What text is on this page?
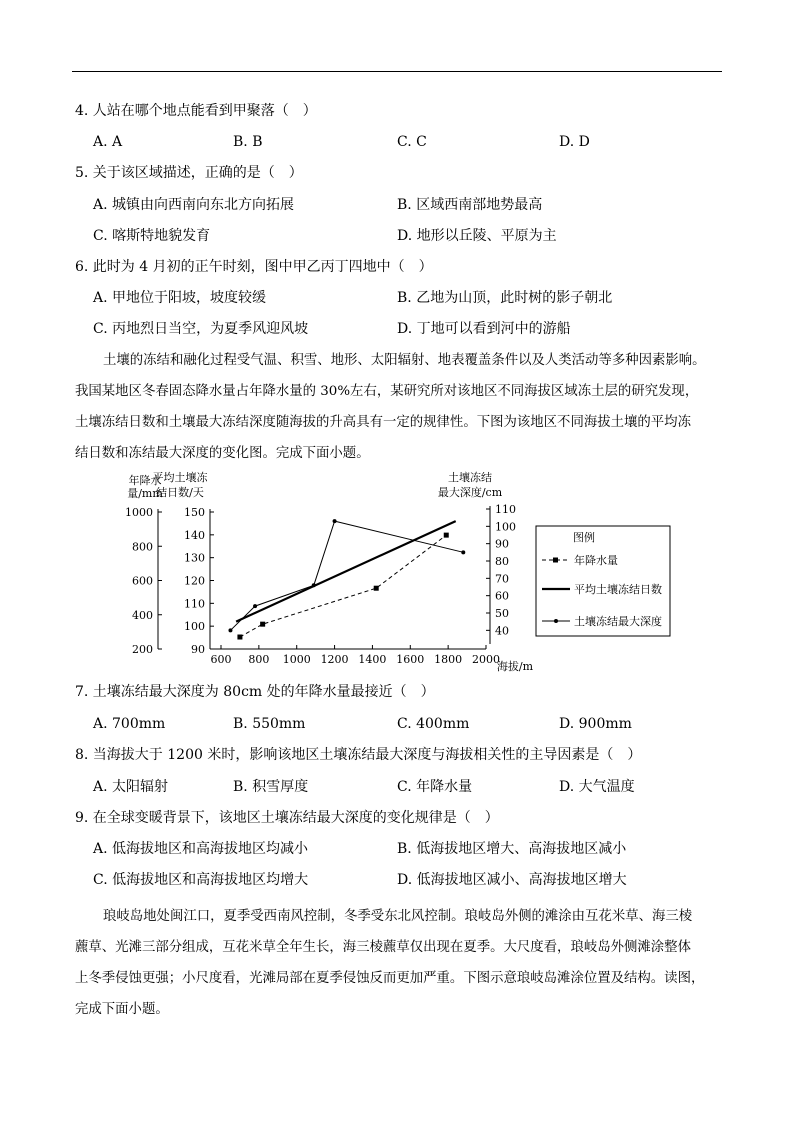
4. 人站在哪个地点能看到甲聚落（　）
A. A	B. B	C. C	D. D
5. 关于该区域描述，正确的是（　）
A. 城镇由向西南向东北方向拓展	B. 区域西南部地势最高
C. 喀斯特地貌发育	D. 地形以丘陵、平原为主
6. 此时为 4 月初的正午时刻，图中甲乙丙丁四地中（　）
A. 甲地位于阳坡，坡度较缓	B. 乙地为山顶，此时树的影子朝北
C. 丙地烈日当空，为夏季风迎风坡	D. 丁地可以看到河中的游船
土壤的冻结和融化过程受气温、积雪、地形、太阳辐射、地表覆盖条件以及人类活动等多种因素影响。
我国某地区冬春固态降水量占年降水量的 30%左右，某研究所对该地区不同海拔区域冻土层的研究发现，
土壤冻结日数和土壤最大冻结深度随海拔的升高具有一定的规律性。下图为该地区不同海拔土壤的平均冻
结日数和冻结最大深度的变化图。完成下面小题。
1000
800
600
400
200
年降水
量/mm
150
140
130
120
110
100
90
平均土壤冻
结日数/天
110
100
90
80
70
60
50
40
土壤冻结
最大深度/cm
600 800 1000 1200 1400 1600 1800 2000
海拔/m
图例
年降水量
平均土壤冻结日数
土壤冻结最大深度
7. 土壤冻结最大深度为 80cm 处的年降水量最接近（　）
A. 700mm	B. 550mm	C. 400mm	D. 900mm
8. 当海拔大于 1200 米时，影响该地区土壤冻结最大深度与海拔相关性的主导因素是（　）
A. 太阳辐射	B. 积雪厚度	C. 年降水量	D. 大气温度
9. 在全球变暖背景下，该地区土壤冻结最大深度的变化规律是（　）
A. 低海拔地区和高海拔地区均减小	B. 低海拔地区增大、高海拔地区减小
C. 低海拔地区和高海拔地区均增大	D. 低海拔地区减小、高海拔地区增大
琅岐岛地处闽江口，夏季受西南风控制，冬季受东北风控制。琅岐岛外侧的滩涂由互花米草、海三棱
藨草、光滩三部分组成，互花米草全年生长，海三棱藨草仅出现在夏季。大尺度看，琅岐岛外侧滩涂整体
上冬季侵蚀更强；小尺度看，光滩局部在夏季侵蚀反而更加严重。下图示意琅岐岛滩涂位置及结构。读图，
完成下面小题。
